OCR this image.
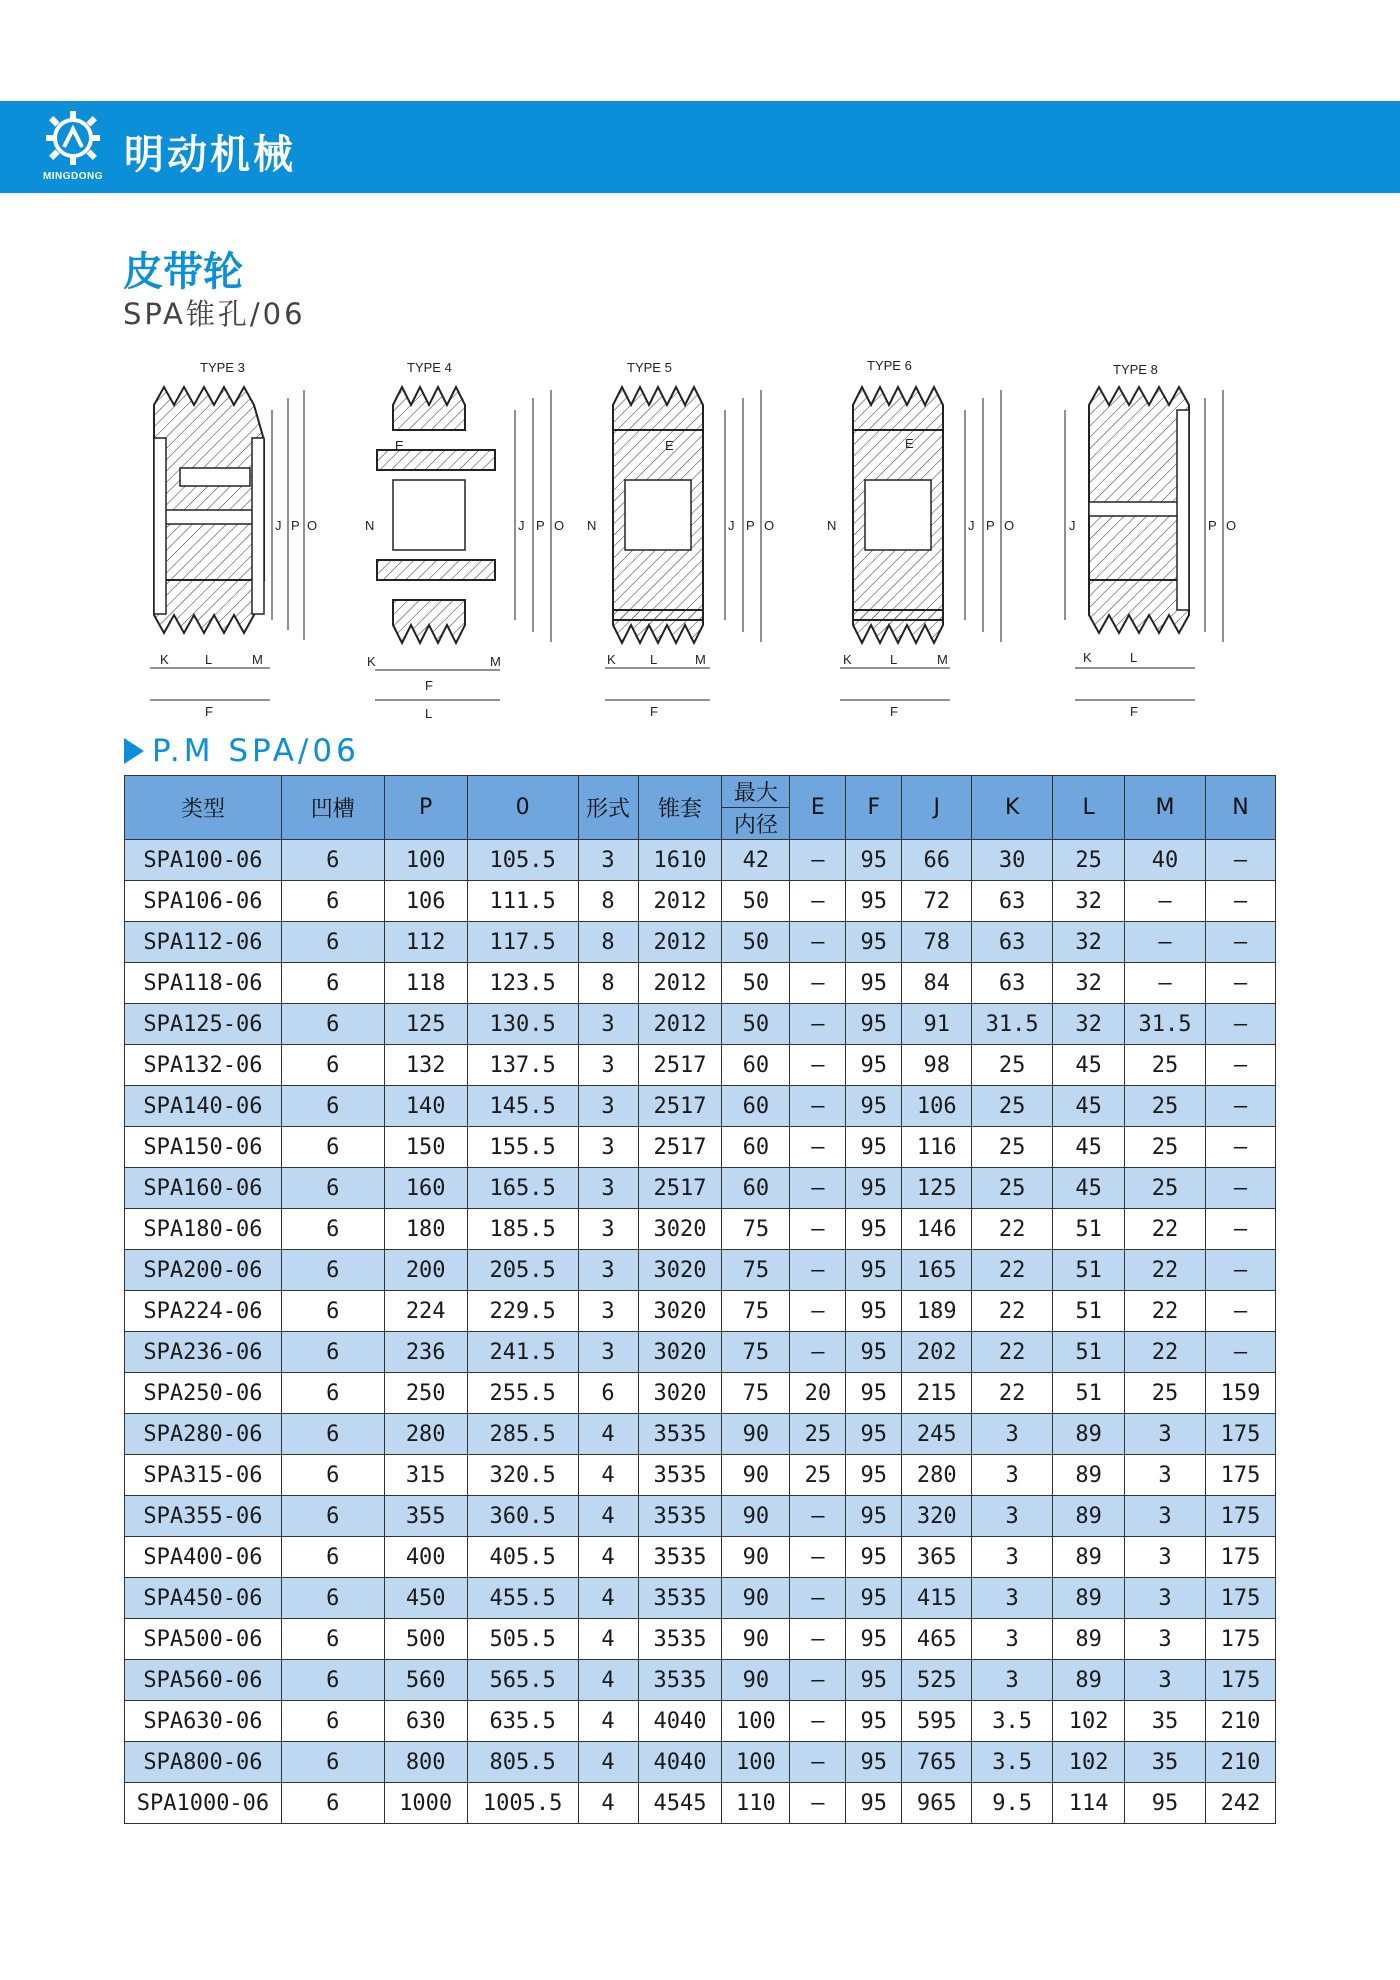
MINGDONG 明动机械
皮带轮
SPA锥孔/06
TYPE 3
J P O
K	L	M
F
TYPE 4
E
N	J P O
K
F
M
L
TYPE 5
E
N	J P O
K	L	M
F
TYPE 6
E
N	J P O
K	L	M
F
TYPE 8
J	P O
K	L
F
P.M SPA/06
类型	凹槽	P	0	形式	锥套	最大	E	F	J	K	L	M	N
						内径							
SPA100-06	6	100	105.5	3	1610	42	—	95	66	30	25	40	—
SPA106-06	6	106	111.5	8	2012	50	—	95	72	63	32	—	—
SPA112-06	6	112	117.5	8	2012	50	—	95	78	63	32	—	—
SPA118-06	6	118	123.5	8	2012	50	—	95	84	63	32	—	—
SPA125-06	6	125	130.5	3	2012	50	—	95	91	31.5	32	31.5	—
SPA132-06	6	132	137.5	3	2517	60	—	95	98	25	45	25	—
SPA140-06	6	140	145.5	3	2517	60	—	95	106	25	45	25	—
SPA150-06	6	150	155.5	3	2517	60	—	95	116	25	45	25	—
SPA160-06	6	160	165.5	3	2517	60	—	95	125	25	45	25	—
SPA180-06	6	180	185.5	3	3020	75	—	95	146	22	51	22	—
SPA200-06	6	200	205.5	3	3020	75	—	95	165	22	51	22	—
SPA224-06	6	224	229.5	3	3020	75	—	95	189	22	51	22	—
SPA236-06	6	236	241.5	3	3020	75	—	95	202	22	51	22	—
SPA250-06	6	250	255.5	6	3020	75	20	95	215	22	51	25	159
SPA280-06	6	280	285.5	4	3535	90	25	95	245	3	89	3	175
SPA315-06	6	315	320.5	4	3535	90	25	95	280	3	89	3	175
SPA355-06	6	355	360.5	4	3535	90	—	95	320	3	89	3	175
SPA400-06	6	400	405.5	4	3535	90	—	95	365	3	89	3	175
SPA450-06	6	450	455.5	4	3535	90	—	95	415	3	89	3	175
SPA500-06	6	500	505.5	4	3535	90	—	95	465	3	89	3	175
SPA560-06	6	560	565.5	4	3535	90	—	95	525	3	89	3	175
SPA630-06	6	630	635.5	4	4040	100	—	95	595	3.5	102	35	210
SPA800-06	6	800	805.5	4	4040	100	—	95	765	3.5	102	35	210
SPA1000-06	6	1000	1005.5	4	4545	110	—	95	965	9.5	114	95	242
